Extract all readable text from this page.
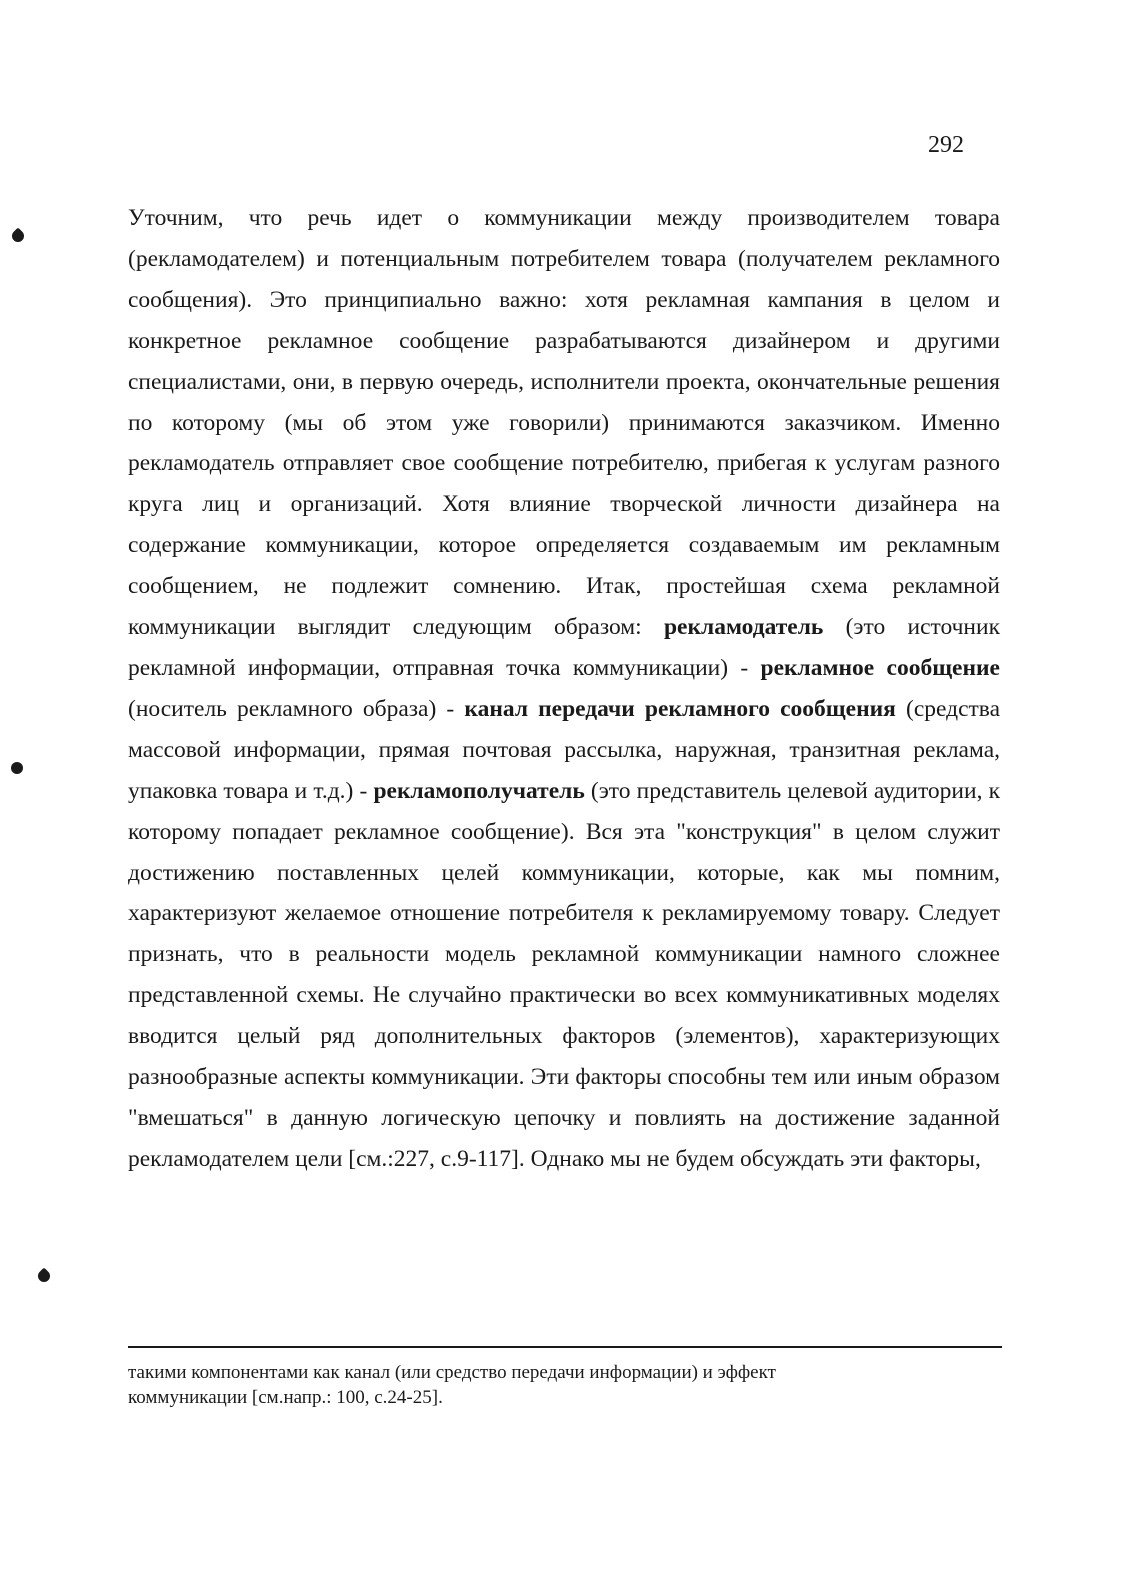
292

Уточним, что речь идет о коммуникации между производителем товара (рекламодателем) и потенциальным потребителем товара (получателем рекламного сообщения). Это принципиально важно: хотя рекламная кампания в целом и конкретное рекламное сообщение разрабатываются дизайнером и другими специалистами, они, в первую очередь, исполнители проекта, окончательные решения по которому (мы об этом уже говорили) принимаются заказчиком. Именно рекламодатель отправляет свое сообщение потребителю, прибегая к услугам разного круга лиц и организаций. Хотя влияние творческой личности дизайнера на содержание коммуникации, которое определяется создаваемым им рекламным сообщением, не подлежит сомнению. Итак, простейшая схема рекламной коммуникации выглядит следующим образом: рекламодатель (это источник рекламной информации, отправная точка коммуникации) - рекламное сообщение (носитель рекламного образа) - канал передачи рекламного сообщения (средства массовой информации, прямая почтовая рассылка, наружная, транзитная реклама, упаковка товара и т.д.) - рекламополучатель (это представитель целевой аудитории, к которому попадает рекламное сообщение). Вся эта "конструкция" в целом служит достижению поставленных целей коммуникации, которые, как мы помним, характеризуют желаемое отношение потребителя к рекламируемому товару. Следует признать, что в реальности модель рекламной коммуникации намного сложнее представленной схемы. Не случайно практически во всех коммуникативных моделях вводится целый ряд дополнительных факторов (элементов), характеризующих разнообразные аспекты коммуникации. Эти факторы способны тем или иным образом "вмешаться" в данную логическую цепочку и повлиять на достижение заданной рекламодателем цели [см.:227, с.9-117]. Однако мы не будем обсуждать эти факторы,

такими компонентами как канал (или средство передачи информации) и эффект
коммуникации [см.напр.: 100, с.24-25].
